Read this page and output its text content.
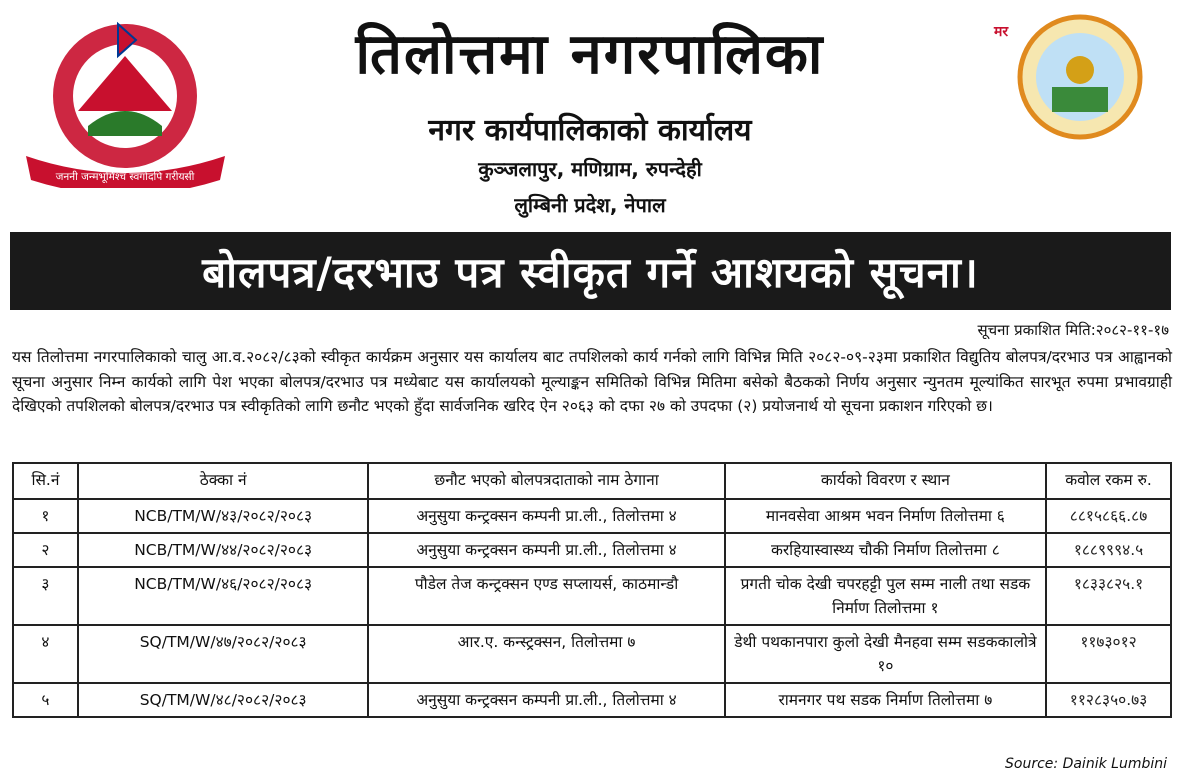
जननी जन्मभूमिश्च स्वर्गादपि गरीयसी
मर
तिलोत्तमा नगरपालिका
नगर कार्यपालिकाको कार्यालय
कुञ्जलापुर, मणिग्राम, रुपन्देही
लुम्बिनी प्रदेश, नेपाल
बोलपत्र/दरभाउ पत्र स्वीकृत गर्ने आशयको सूचना।
सूचना प्रकाशित मिति:२०८२-११-१७
यस तिलोत्तमा नगरपालिकाको चालु आ.व.२०८२/८३को स्वीकृत कार्यक्रम अनुसार यस कार्यालय बाट तपशिलको कार्य गर्नको लागि विभिन्न मिति २०८२-०९-२३मा प्रकाशित विद्युतिय बोलपत्र/दरभाउ पत्र आह्वानको सूचना अनुसार निम्न कार्यको लागि पेश भएका बोलपत्र/दरभाउ पत्र मध्येबाट यस कार्यालयको मूल्याङ्कन समितिको विभिन्न मितिमा बसेको बैठकको निर्णय अनुसार न्युनतम मूल्यांकित सारभूत रुपमा प्रभावग्राही देखिएको तपशिलको बोलपत्र/दरभाउ पत्र स्वीकृतिको लागि छनौट भएको हुँदा सार्वजनिक खरिद ऐन २०६३ को दफा २७ को उपदफा (२) प्रयोजनार्थ यो सूचना प्रकाशन गरिएको छ।
सि.नं	ठेक्का नं	छनौट भएको बोलपत्रदाताको नाम ठेगाना	कार्यको विवरण र स्थान	कवोल रकम रु.
१	NCB/TM/W/४३/२०८२/२०८३	अनुसुया कन्ट्रक्सन कम्पनी प्रा.ली., तिलोत्तमा ४	मानवसेवा आश्रम भवन निर्माण तिलोत्तमा ६	८८१५८६६.८७
२	NCB/TM/W/४४/२०८२/२०८३	अनुसुया कन्ट्रक्सन कम्पनी प्रा.ली., तिलोत्तमा ४	करहियास्वास्थ्य चौकी निर्माण तिलोत्तमा ८	१८८९९९४.५
३	NCB/TM/W/४६/२०८२/२०८३	पौडेल तेज कन्ट्रक्सन एण्ड सप्लायर्स, काठमान्डौ	प्रगती चोक देखी चपरहट्टी पुल सम्म नाली तथा सडक निर्माण तिलोत्तमा १	१८३३८२५.१
४	SQ/TM/W/४७/२०८२/२०८३	आर.ए. कन्स्ट्रक्सन, तिलोत्तमा ७	डेथी पथकानपारा कुलो देखी मैनहवा सम्म सडककालोत्रे १०	११७३०१२
५	SQ/TM/W/४८/२०८२/२०८३	अनुसुया कन्ट्रक्सन कम्पनी प्रा.ली., तिलोत्तमा ४	रामनगर पथ सडक निर्माण तिलोत्तमा ७	११२८३५०.७३
Source: Dainik Lumbini
